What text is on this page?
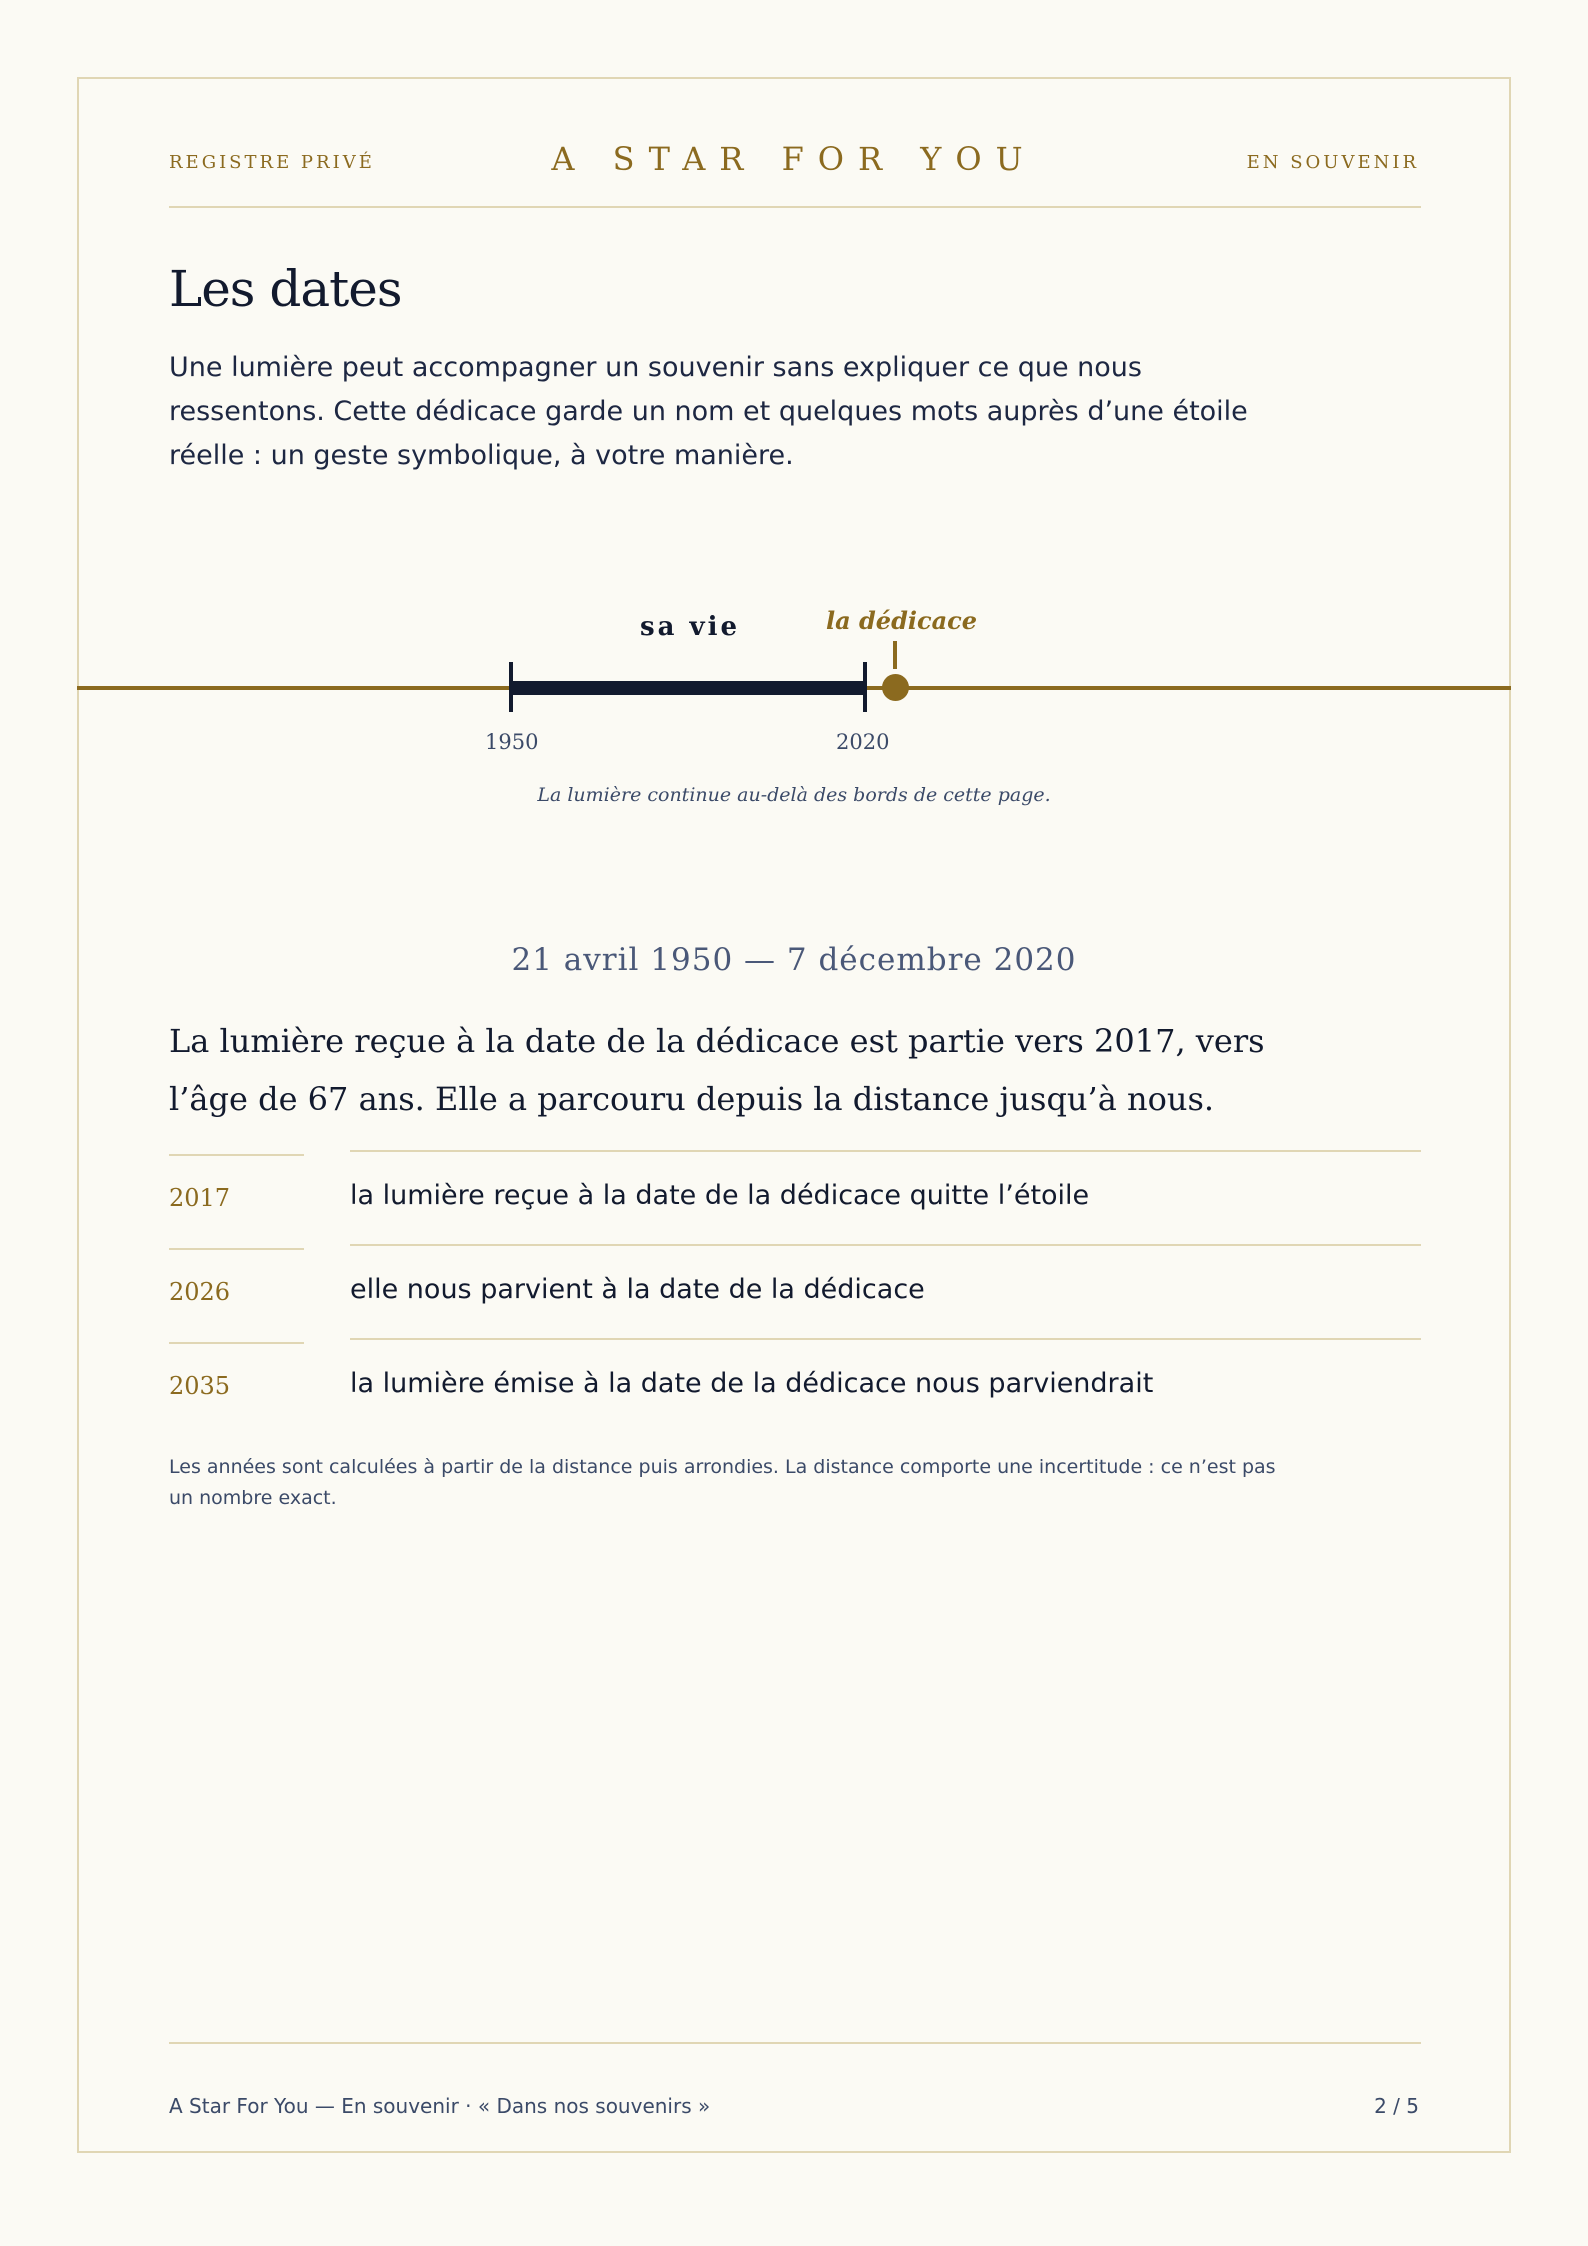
REGISTRE PRIVÉ	A STAR FOR YOU	EN SOUVENIR
Les dates
Une lumière peut accompagner un souvenir sans expliquer ce que nous ressentons. Cette dédicace garde un nom et quelques mots auprès d’une étoile réelle : un geste symbolique, à votre manière.
sa vie	la dédicace
1950	2020
La lumière continue au-delà des bords de cette page.
21 avril 1950 — 7 décembre 2020
La lumière reçue à la date de la dédicace est partie vers 2017, vers l’âge de 67 ans. Elle a parcouru depuis la distance jusqu’à nous.
2017	la lumière reçue à la date de la dédicace quitte l’étoile
2026	elle nous parvient à la date de la dédicace
2035	la lumière émise à la date de la dédicace nous parviendrait
Les années sont calculées à partir de la distance puis arrondies. La distance comporte une incertitude : ce n’est pas un nombre exact.
A Star For You — En souvenir · « Dans nos souvenirs »	2 / 5
